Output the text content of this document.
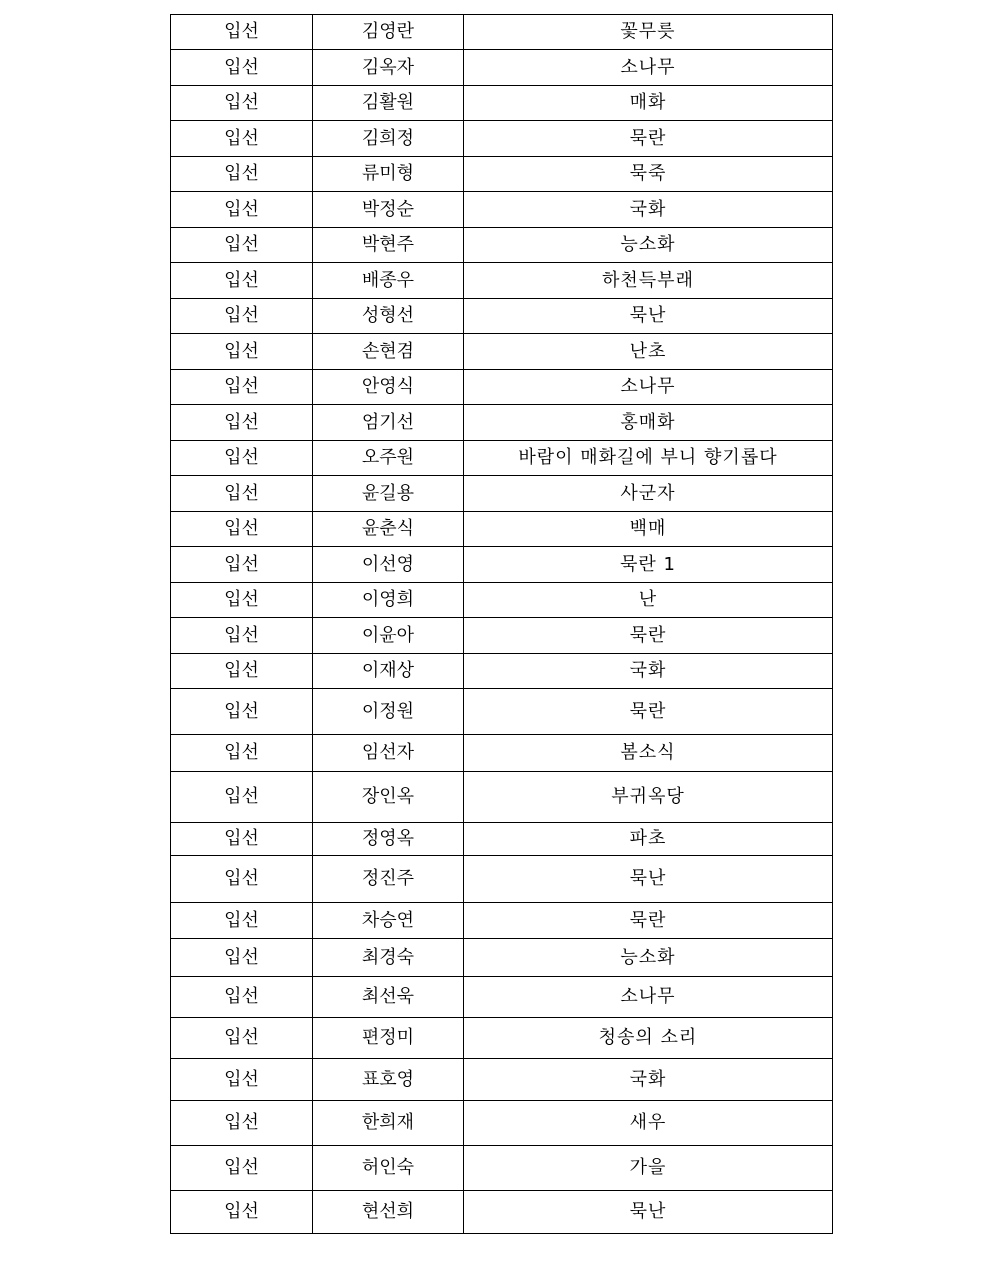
입선	김영란	꽃무릇
입선	김옥자	소나무
입선	김활원	매화
입선	김희정	묵란
입선	류미형	묵죽
입선	박정순	국화
입선	박현주	능소화
입선	배종우	하천득부래
입선	성형선	묵난
입선	손현겸	난초
입선	안영식	소나무
입선	엄기선	홍매화
입선	오주원	바람이 매화길에 부니 향기롭다
입선	윤길용	사군자
입선	윤춘식	백매
입선	이선영	묵란 1
입선	이영희	난
입선	이윤아	묵란
입선	이재상	국화
입선	이정원	묵란
입선	임선자	봄소식
입선	장인옥	부귀옥당
입선	정영옥	파초
입선	정진주	묵난
입선	차승연	묵란
입선	최경숙	능소화
입선	최선욱	소나무
입선	편정미	청송의 소리
입선	표호영	국화
입선	한희재	새우
입선	허인숙	가을
입선	현선희	묵난
